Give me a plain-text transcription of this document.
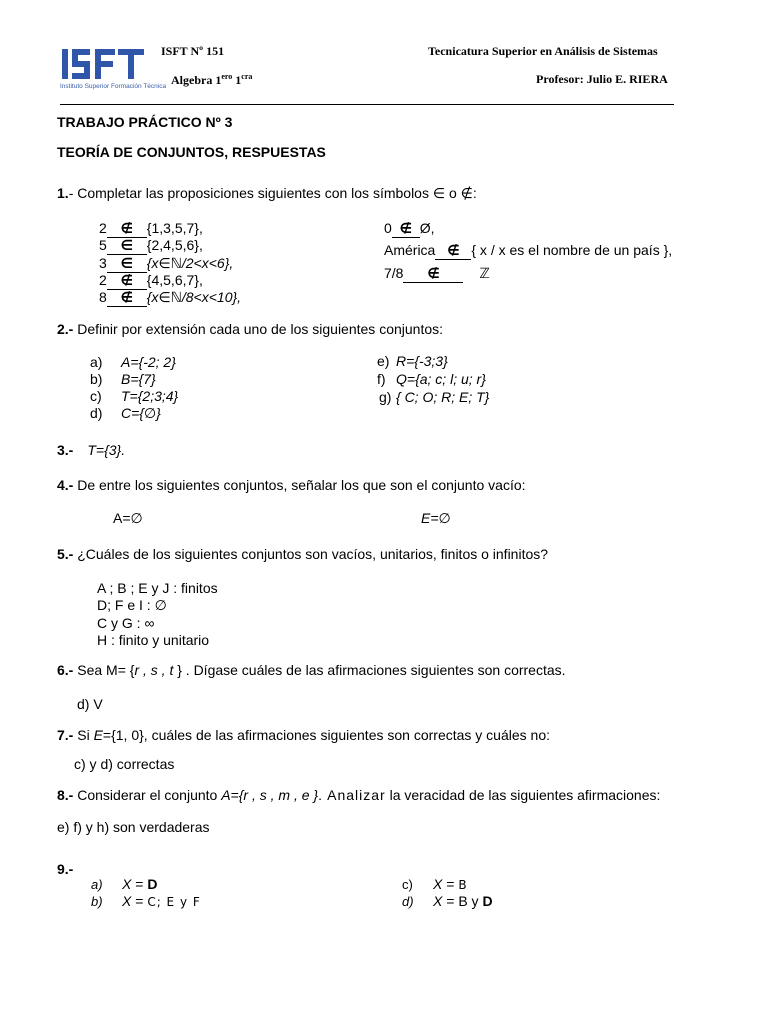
Instituto Superior Formación Técnica
ISFT Nº 151
Algebra $1^{ero}$ $1^{cra}$
Tecnicatura Superior en Análisis de Sistemas
Profesor: Julio E. RIERA
TRABAJO PRÁCTICO Nº 3
TEORÍA DE CONJUNTOS, RESPUESTAS
1.- Completar las proposiciones siguientes con los símbolos ∈ o ∉:
2 ∉ {1,3,5,7},
5 ∈ {2,4,5,6},
3 ∈ {x∈ℕ/2<x<6},
2 ∉ {4,5,6,7},
8 ∉ {x∈ℕ/8<x<10},
0 ∉ Ø,
América ∉ { x / x es el nombre de un país },
7/8 ∉	ℤ
2.- Definir por extensión cada uno de los siguientes conjuntos:
a) A={-2; 2}
b) B={7}
c) T={2;3;4}
d) C={∅}
e) R={-3;3}
f) Q={a; c; l; u; r}
g) { C; O; R; E; T}
3.- T={3}.
4.- De entre los siguientes conjuntos, señalar los que son el conjunto vacío:
A=∅	E=∅
5.- ¿Cuáles de los siguientes conjuntos son vacíos, unitarios, finitos o infinitos?
A ; B ; E y J : finitos
D; F e I : ∅
C y G : ∞
H : finito y unitario
6.- Sea M= {r , s , t } . Dígase cuáles de las afirmaciones siguientes son correctas.
d) V
7.- Si E={1, 0}, cuáles de las afirmaciones siguientes son correctas y cuáles no:
c) y d) correctas
8.- Considerar el conjunto A={r , s , m , e }. Analizar la veracidad de las siguientes afirmaciones:
e) f) y h) son verdaderas
9.-
a) X = D
b) X = C; E y F
c) X = B
d) X = B y D
